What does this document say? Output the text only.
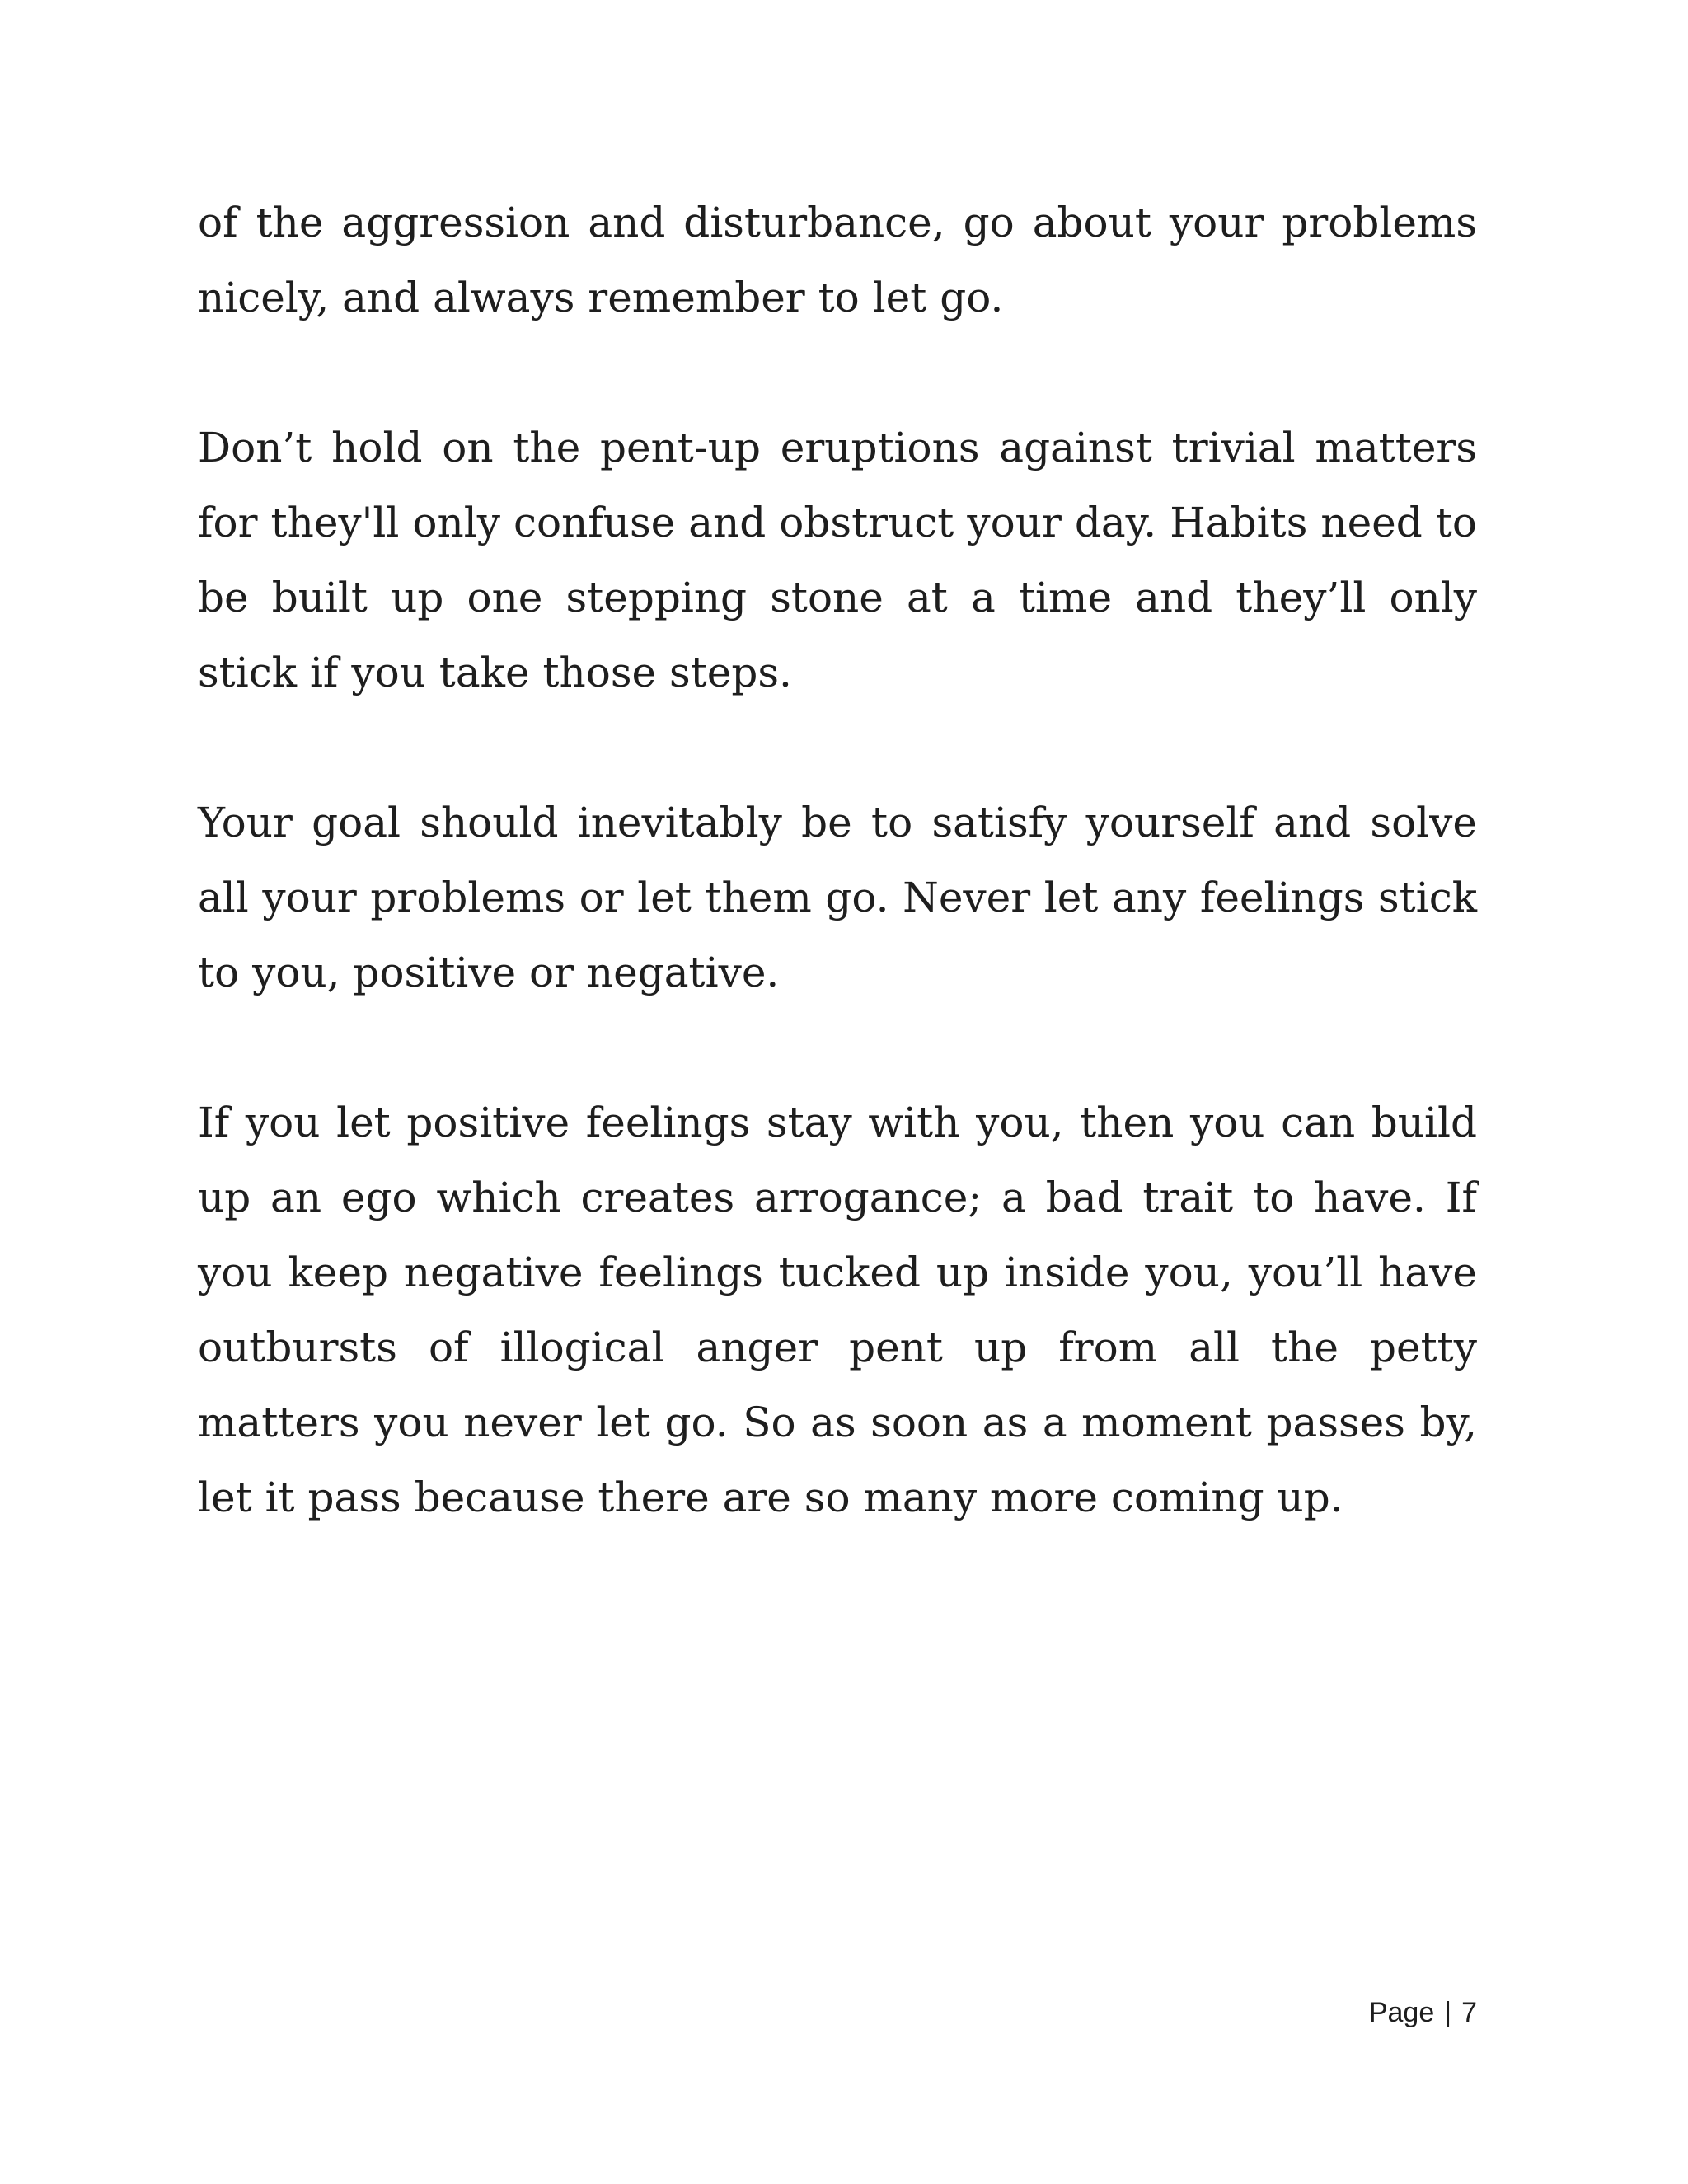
of the aggression and disturbance, go about your problems nicely, and always remember to let go.

Don’t hold on the pent-up eruptions against trivial matters for they'll only confuse and obstruct your day. Habits need to be built up one stepping stone at a time and they’ll only stick if you take those steps.

Your goal should inevitably be to satisfy yourself and solve all your problems or let them go. Never let any feelings stick to you, positive or negative.

If you let positive feelings stay with you, then you can build up an ego which creates arrogance; a bad trait to have. If you keep negative feelings tucked up inside you, you’ll have outbursts of illogical anger pent up from all the petty matters you never let go. So as soon as a moment passes by, let it pass because there are so many more coming up.

Page | 7
